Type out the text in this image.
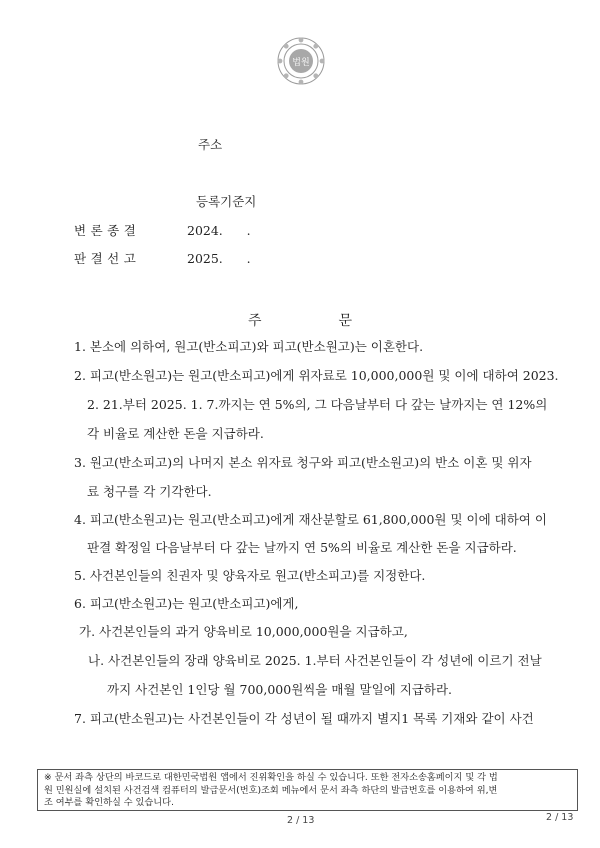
법원
주소
등록기준지
변론종결	2024.      .
판결선고	2025.      .
주	문
1. 본소에 의하여, 원고(반소피고)와 피고(반소원고)는 이혼한다.
2. 피고(반소원고)는 원고(반소피고)에게 위자료로 10,000,000원 및 이에 대하여 2023.
2. 21.부터 2025. 1. 7.까지는 연 5%의, 그 다음날부터 다 갚는 날까지는 연 12%의
각 비율로 계산한 돈을 지급하라.
3. 원고(반소피고)의 나머지 본소 위자료 청구와 피고(반소원고)의 반소 이혼 및 위자
료 청구를 각 기각한다.
4. 피고(반소원고)는 원고(반소피고)에게 재산분할로 61,800,000원 및 이에 대하여 이
판결 확정일 다음날부터 다 갚는 날까지 연 5%의 비율로 계산한 돈을 지급하라.
5. 사건본인들의 친권자 및 양육자로 원고(반소피고)를 지정한다.
6. 피고(반소원고)는 원고(반소피고)에게,
가. 사건본인들의 과거 양육비로 10,000,000원을 지급하고,
나. 사건본인들의 장래 양육비로 2025. 1.부터 사건본인들이 각 성년에 이르기 전날
까지 사건본인 1인당 월 700,000원씩을 매월 말일에 지급하라.
7. 피고(반소원고)는 사건본인들이 각 성년이 될 때까지 별지1 목록 기재와 같이 사건
※ 문서 좌측 상단의 바코드로 대한민국법원 앱에서 진위확인을 하실 수 있습니다. 또한 전자소송홈페이지 및 각 법
원 민원실에 설치된 사건검색 컴퓨터의 발급문서(번호)조회 메뉴에서 문서 좌측 하단의 발급번호를 이용하여 위,변
조 여부를 확인하실 수 있습니다.
2 / 13	2 / 13
